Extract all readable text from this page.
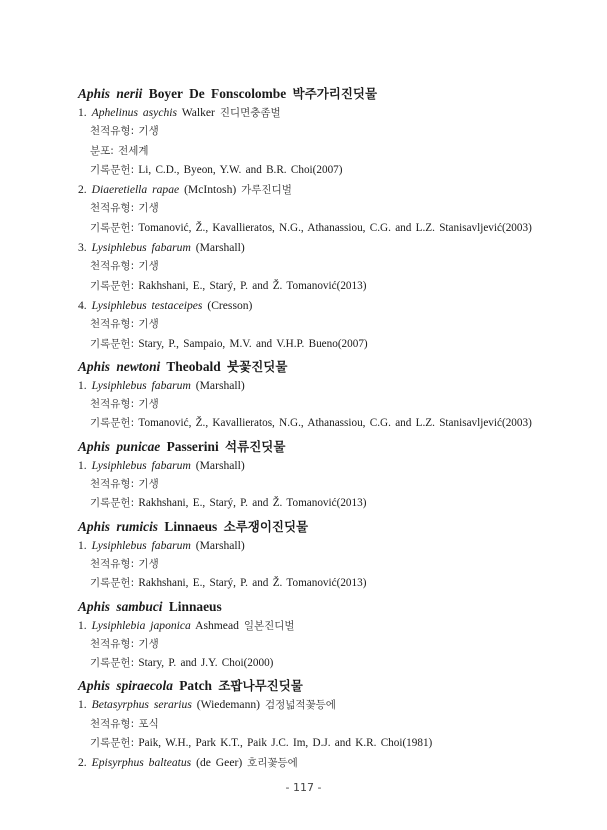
Aphis nerii Boyer De Fonscolombe 박주가리진딧물
1. Aphelinus asychis Walker 진디면충좀벌
천적유형: 기생
분포: 전세계
기록문헌: Li, C.D., Byeon, Y.W. and B.R. Choi(2007)
2. Diaeretiella rapae (McIntosh) 가루진디벌
천적유형: 기생
기록문헌: Tomanović, Ž., Kavallieratos, N.G., Athanassiou, C.G. and L.Z. Stanisavljević(2003)
3. Lysiphlebus fabarum (Marshall)
천적유형: 기생
기록문헌: Rakhshani, E., Starý, P. and Ž. Tomanović(2013)
4. Lysiphlebus testaceipes (Cresson)
천적유형: 기생
기록문헌: Stary, P., Sampaio, M.V. and V.H.P. Bueno(2007)
Aphis newtoni Theobald 붓꽃진딧물
1. Lysiphlebus fabarum (Marshall)
천적유형: 기생
기록문헌: Tomanović, Ž., Kavallieratos, N.G., Athanassiou, C.G. and L.Z. Stanisavljević(2003)
Aphis punicae Passerini 석류진딧물
1. Lysiphlebus fabarum (Marshall)
천적유형: 기생
기록문헌: Rakhshani, E., Starý, P. and Ž. Tomanović(2013)
Aphis rumicis Linnaeus 소루쟁이진딧물
1. Lysiphlebus fabarum (Marshall)
천적유형: 기생
기록문헌: Rakhshani, E., Starý, P. and Ž. Tomanović(2013)
Aphis sambuci Linnaeus
1. Lysiphlebia japonica Ashmead 일본진디벌
천적유형: 기생
기록문헌: Stary, P. and J.Y. Choi(2000)
Aphis spiraecola Patch 조팝나무진딧물
1. Betasyrphus serarius (Wiedemann) 검정넓적꽃등에
천적유형: 포식
기록문헌: Paik, W.H., Park K.T., Paik J.C. Im, D.J. and K.R. Choi(1981)
2. Episyrphus balteatus (de Geer) 호리꽃등에
- 117 -
